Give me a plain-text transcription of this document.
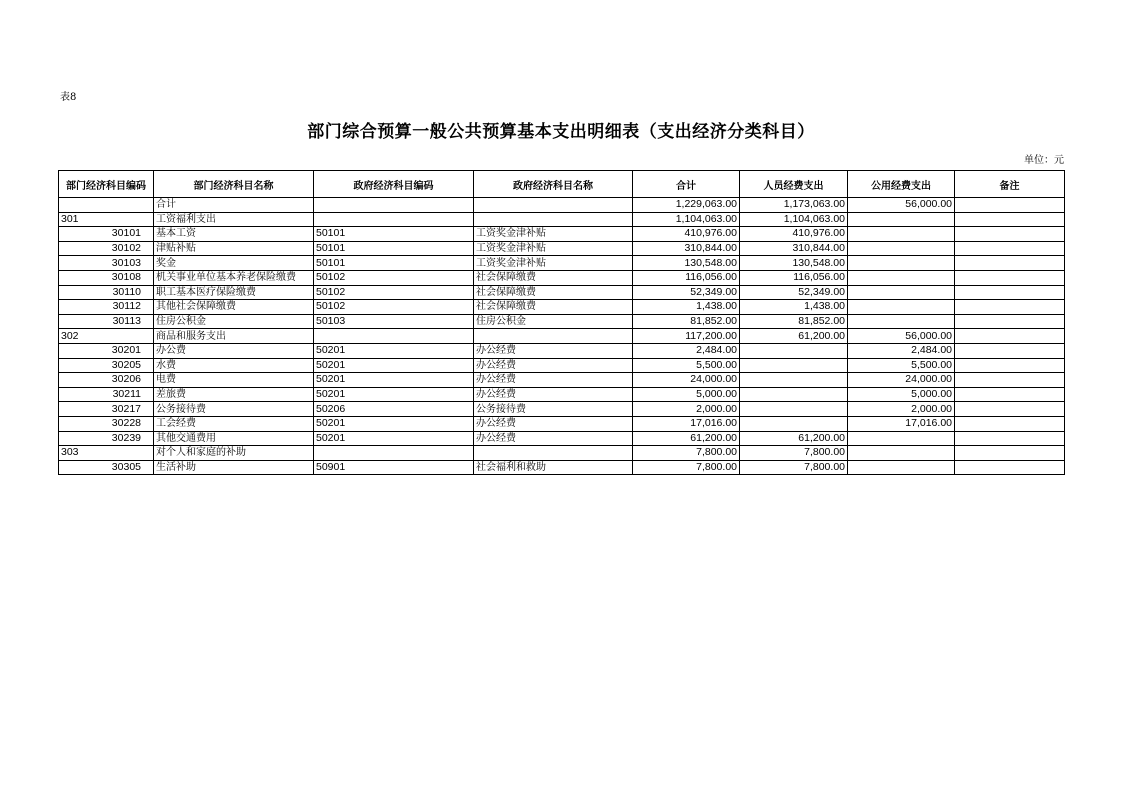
表8
部门综合预算一般公共预算基本支出明细表（支出经济分类科目）
单位：元
部门经济科目编码	部门经济科目名称	政府经济科目编码	政府经济科目名称	合计	人员经费支出	公用经费支出	备注
	合计			1,229,063.00	1,173,063.00	56,000.00	
301	工资福利支出			1,104,063.00	1,104,063.00		
30101	基本工资	50101	工资奖金津补贴	410,976.00	410,976.00		
30102	津贴补贴	50101	工资奖金津补贴	310,844.00	310,844.00		
30103	奖金	50101	工资奖金津补贴	130,548.00	130,548.00		
30108	机关事业单位基本养老保险缴费	50102	社会保障缴费	116,056.00	116,056.00		
30110	职工基本医疗保险缴费	50102	社会保障缴费	52,349.00	52,349.00		
30112	其他社会保障缴费	50102	社会保障缴费	1,438.00	1,438.00		
30113	住房公积金	50103	住房公积金	81,852.00	81,852.00		
302	商品和服务支出			117,200.00	61,200.00	56,000.00	
30201	办公费	50201	办公经费	2,484.00		2,484.00	
30205	水费	50201	办公经费	5,500.00		5,500.00	
30206	电费	50201	办公经费	24,000.00		24,000.00	
30211	差旅费	50201	办公经费	5,000.00		5,000.00	
30217	公务接待费	50206	公务接待费	2,000.00		2,000.00	
30228	工会经费	50201	办公经费	17,016.00		17,016.00	
30239	其他交通费用	50201	办公经费	61,200.00	61,200.00		
303	对个人和家庭的补助			7,800.00	7,800.00		
30305	生活补助	50901	社会福利和救助	7,800.00	7,800.00		
